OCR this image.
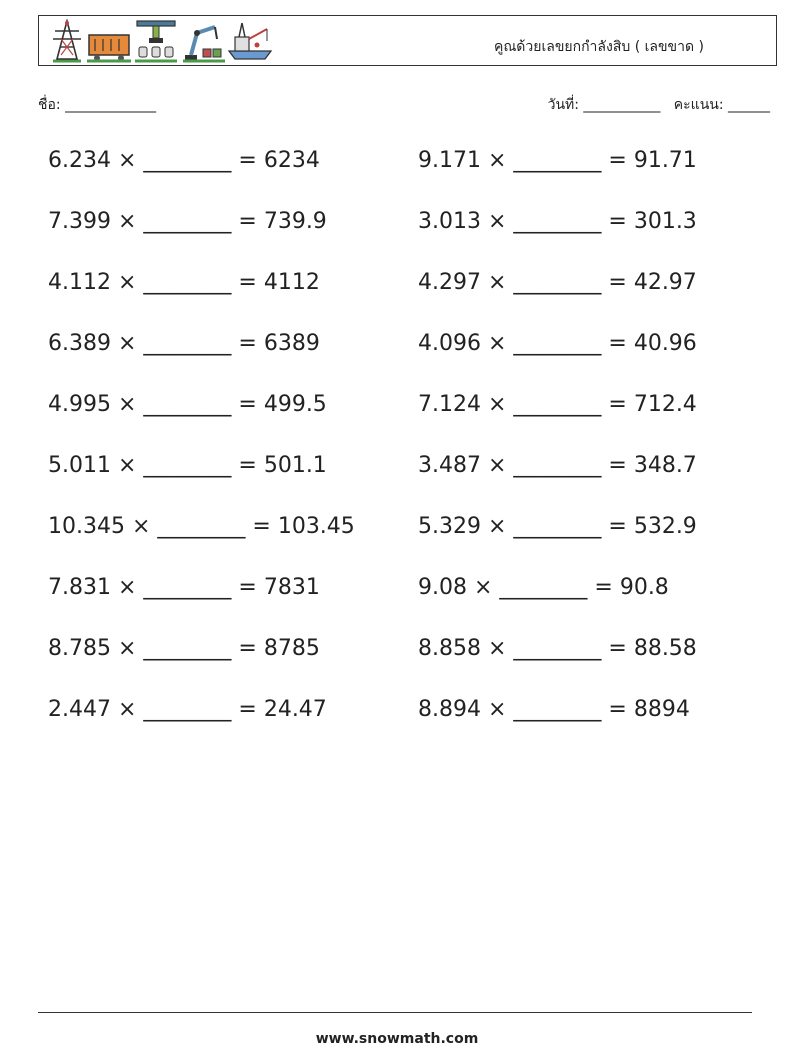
คูณด้วยเลขยกกำลังสิบ ( เลขขาด )
ชื่อ: _____________	วันที่: ___________ คะแนน: ______
6.234 × ________ = 6234
7.399 × ________ = 739.9
4.112 × ________ = 4112
6.389 × ________ = 6389
4.995 × ________ = 499.5
5.011 × ________ = 501.1
10.345 × ________ = 103.45
7.831 × ________ = 7831
8.785 × ________ = 8785
2.447 × ________ = 24.47
9.171 × ________ = 91.71
3.013 × ________ = 301.3
4.297 × ________ = 42.97
4.096 × ________ = 40.96
7.124 × ________ = 712.4
3.487 × ________ = 348.7
5.329 × ________ = 532.9
9.08 × ________ = 90.8
8.858 × ________ = 88.58
8.894 × ________ = 8894
www.snowmath.com
